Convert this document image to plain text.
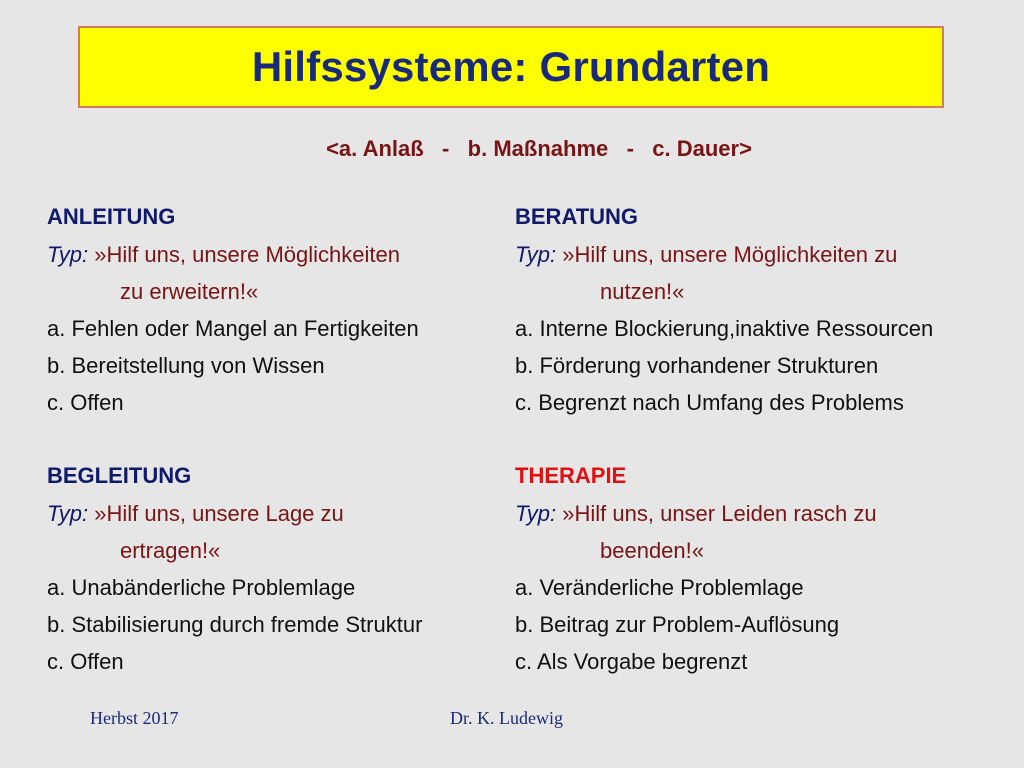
Hilfssysteme: Grundarten
<a. Anlaß   -   b. Maßnahme   -   c. Dauer>
ANLEITUNG
Typ: »Hilf uns, unsere Möglichkeiten
zu erweitern!«
a. Fehlen oder Mangel an Fertigkeiten
b. Bereitstellung von Wissen
c. Offen
BERATUNG
Typ: »Hilf uns, unsere Möglichkeiten zu
nutzen!«
a. Interne Blockierung,inaktive Ressourcen
b. Förderung vorhandener Strukturen
c. Begrenzt nach Umfang des Problems
BEGLEITUNG
Typ: »Hilf uns, unsere Lage zu
ertragen!«
a. Unabänderliche Problemlage
b. Stabilisierung durch fremde Struktur
c. Offen
THERAPIE
Typ: »Hilf uns, unser Leiden rasch zu
beenden!«
a. Veränderliche Problemlage
b. Beitrag zur Problem-Auflösung
c. Als Vorgabe begrenzt
Herbst 2017	Dr. K. Ludewig
